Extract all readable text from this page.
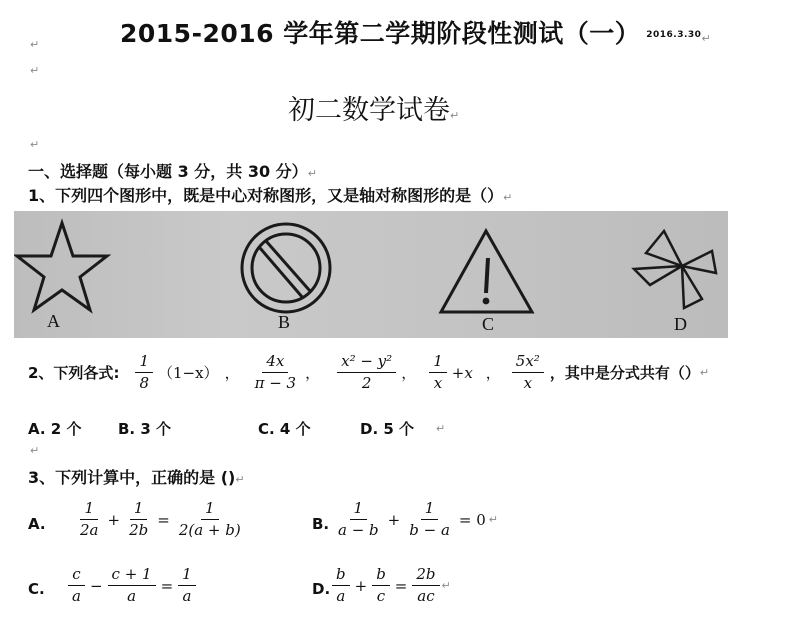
2015-2016 学年第二学期阶段性测试（一） 2016.3.30↵
↵
↵
初二数学试卷↵
↵
一、选择题（每小题 3 分，共 30 分）↵
1、下列四个图形中，既是中心对称图形，又是轴对称图形的是（）↵
A	B	C	D
2、下列各式: $\frac{1}{8} (1-x)$ ， $\frac{4x}{\pi - 3}$ ， $\frac{\text{x² − y²}}{2}$ ， $\frac{1}{x} +x$ ， $\frac{\text{5x²}}{x}$ ，其中是分式共有（） ↵
A. 2 个 B. 3 个	C. 4 个	D. 5 个 ↵
↵
3、下列计算中，正确的是 ()↵
A. $\frac{1}{2a} + \frac{1}{2b} = \frac{1}{2(a + b)}$	B. $\frac{1}{a - b} + \frac{1}{b - a} = 0$ ↵
C. $\frac{c}{a} - \frac{c + 1}{a} = \frac{1}{a}$	D. $\frac{b}{a} + \frac{b}{c} = \frac{2b}{ac}$ ↵
